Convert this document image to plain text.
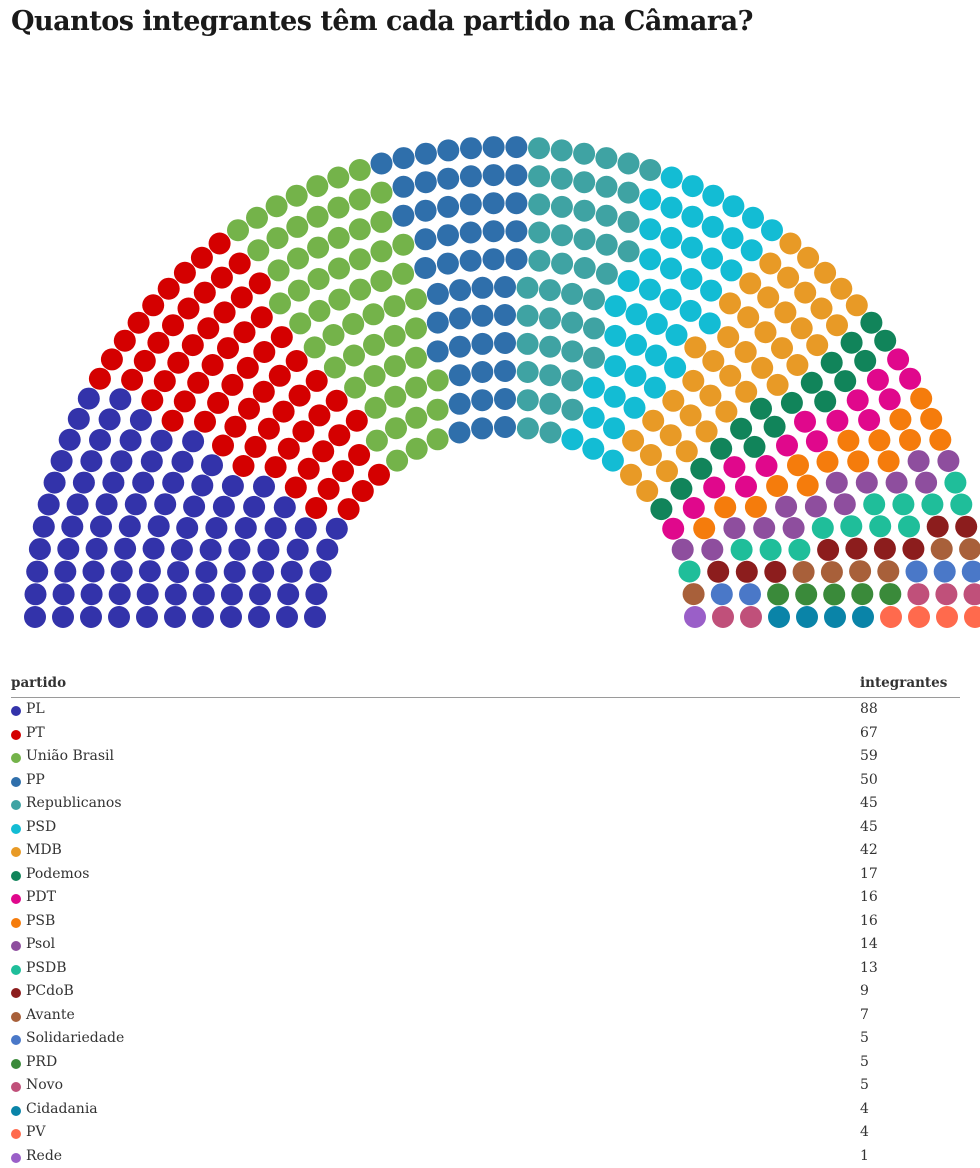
Quantos integrantes têm cada partido na Câmara?
partido	integrantes
PL	88
PT	67
União Brasil	59
PP	50
Republicanos	45
PSD	45
MDB	42
Podemos	17
PDT	16
PSB	16
Psol	14
PSDB	13
PCdoB	9
Avante	7
Solidariedade	5
PRD	5
Novo	5
Cidadania	4
PV	4
Rede	1
